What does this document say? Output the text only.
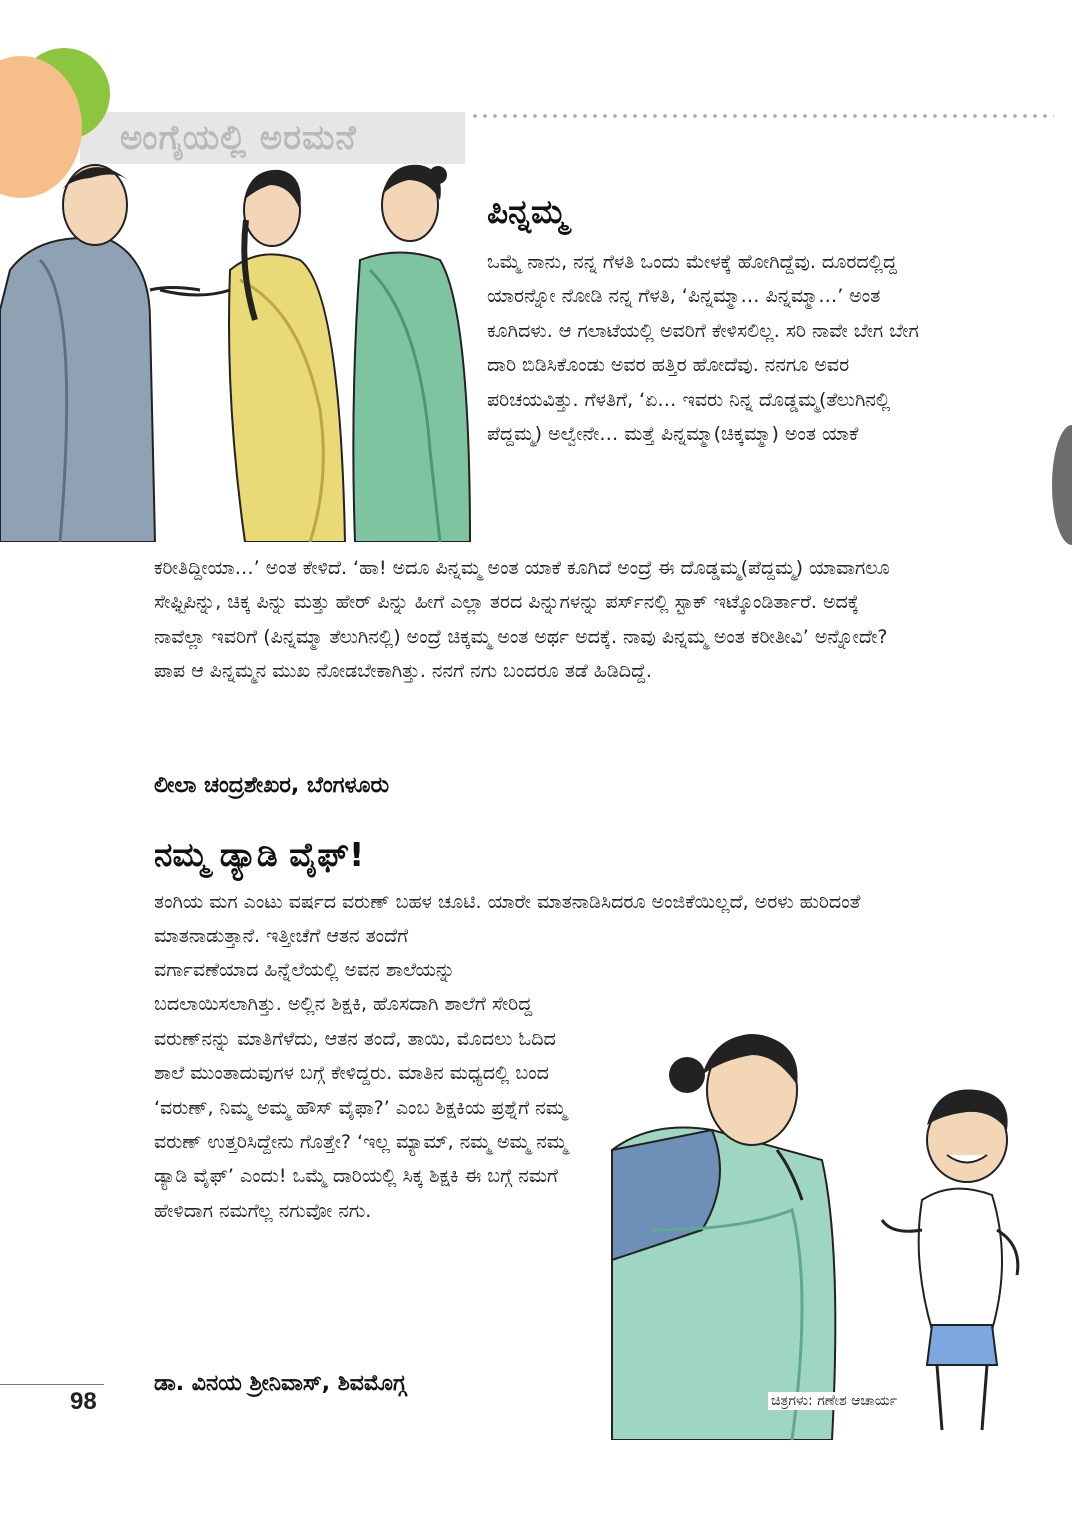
ಅಂಗೈಯಲ್ಲಿ ಅರಮನೆ
ಪಿನ್ನಮ್ಮ

ಒಮ್ಮೆ ನಾನು, ನನ್ನ ಗೆಳತಿ ಒಂದು ಮೇಳಕ್ಕೆ ಹೋಗಿದ್ದೆವು. ದೂರದಲ್ಲಿದ್ದ ಯಾರನ್ನೋ ನೋಡಿ ನನ್ನ ಗೆಳತಿ, ‘ಪಿನ್ನಮ್ಮಾ… ಪಿನ್ನಮ್ಮಾ…’ ಅಂತ ಕೂಗಿದಳು. ಆ ಗಲಾಟೆಯಲ್ಲಿ ಅವರಿಗೆ ಕೇಳಿಸಲಿಲ್ಲ. ಸರಿ ನಾವೇ ಬೇಗ ಬೇಗ ದಾರಿ ಬಿಡಿಸಿಕೊಂಡು ಅವರ ಹತ್ತಿರ ಹೋದೆವು. ನನಗೂ ಅವರ ಪರಿಚಯವಿತ್ತು. ಗೆಳತಿಗೆ, ‘ಏ… ಇವರು ನಿನ್ನ ದೊಡ್ಡಮ್ಮ(ತೆಲುಗಿನಲ್ಲಿ ಪೆದ್ದಮ್ಮ) ಅಲ್ವೇನೇ… ಮತ್ತೆ ಪಿನ್ನಮ್ಮಾ(ಚಿಕ್ಕಮ್ಮಾ) ಅಂತ ಯಾಕೆ

ಕರೀತಿದ್ದೀಯಾ…’ ಅಂತ ಕೇಳಿದೆ. ‘ಹಾ! ಅದೂ ಪಿನ್ನಮ್ಮ ಅಂತ ಯಾಕೆ ಕೂಗಿದೆ ಅಂದ್ರೆ ಈ ದೊಡ್ಡಮ್ಮ(ಪೆದ್ದಮ್ಮ) ಯಾವಾಗಲೂ ಸೇಫ್ಟಿಪಿನ್ನು, ಚಿಕ್ಕ ಪಿನ್ನು ಮತ್ತು ಹೇರ್ ಪಿನ್ನು ಹೀಗೆ ಎಲ್ಲಾ ತರದ ಪಿನ್ನುಗಳನ್ನು ಪರ್ಸ್‌ನಲ್ಲಿ ಸ್ಟಾಕ್ ಇಟ್ಕೊಂಡಿರ್ತಾರೆ. ಅದಕ್ಕೆ ನಾವೆಲ್ಲಾ ಇವರಿಗೆ (ಪಿನ್ನಮ್ಮಾ ತೆಲುಗಿನಲ್ಲಿ) ಅಂದ್ರೆ ಚಿಕ್ಕಮ್ಮ ಅಂತ ಅರ್ಥ ಅದಕ್ಕೆ. ನಾವು ಪಿನ್ನಮ್ಮ ಅಂತ ಕರೀತೀವಿ’ ಅನ್ನೋದೇ? ಪಾಪ ಆ ಪಿನ್ನಮ್ಮನ ಮುಖ ನೋಡಬೇಕಾಗಿತ್ತು. ನನಗೆ ನಗು ಬಂದರೂ ತಡೆ ಹಿಡಿದಿದ್ದೆ.

ಲೀಲಾ ಚಂದ್ರಶೇಖರ, ಬೆಂಗಳೂರು
ನಮ್ಮ ಡ್ಯಾಡಿ ವೈಫ್!

ತಂಗಿಯ ಮಗ ಎಂಟು ವರ್ಷದ ವರುಣ್ ಬಹಳ ಚೂಟಿ. ಯಾರೇ ಮಾತನಾಡಿಸಿದರೂ ಅಂಜಿಕೆಯಿಲ್ಲದೆ, ಅರಳು ಹುರಿದಂತೆ ಮಾತನಾಡುತ್ತಾನೆ. ಇತ್ತೀಚೆಗೆ ಆತನ ತಂದೆಗೆ

ವರ್ಗಾವಣೆಯಾದ ಹಿನ್ನೆಲೆಯಲ್ಲಿ ಅವನ ಶಾಲೆಯನ್ನು ಬದಲಾಯಿಸಲಾಗಿತ್ತು. ಅಲ್ಲಿನ ಶಿಕ್ಷಕಿ, ಹೊಸದಾಗಿ ಶಾಲೆಗೆ ಸೇರಿದ್ದ ವರುಣ್‌ನನ್ನು ಮಾತಿಗೆಳೆದು, ಆತನ ತಂದೆ, ತಾಯಿ, ಮೊದಲು ಓದಿದ ಶಾಲೆ ಮುಂತಾದುವುಗಳ ಬಗ್ಗೆ ಕೇಳಿದ್ದರು. ಮಾತಿನ ಮಧ್ಯದಲ್ಲಿ ಬಂದ ‘ವರುಣ್, ನಿಮ್ಮ ಅಮ್ಮ ಹೌಸ್ ವೈಫಾ?’ ಎಂಬ ಶಿಕ್ಷಕಿಯ ಪ್ರಶ್ನೆಗೆ ನಮ್ಮ ವರುಣ್ ಉತ್ತರಿಸಿದ್ದೇನು ಗೊತ್ತೇ? ‘ಇಲ್ಲ ಮ್ಯಾಮ್, ನಮ್ಮ ಅಮ್ಮ ನಮ್ಮ ಡ್ಯಾಡಿ ವೈಫ್’ ಎಂದು! ಒಮ್ಮೆ ದಾರಿಯಲ್ಲಿ ಸಿಕ್ಕ ಶಿಕ್ಷಕಿ ಈ ಬಗ್ಗೆ ನಮಗೆ ಹೇಳಿದಾಗ ನಮಗೆಲ್ಲ ನಗುವೋ ನಗು.

ಡಾ. ವಿನಯ ಶ್ರೀನಿವಾಸ್, ಶಿವಮೊಗ್ಗ
ಚಿತ್ರಗಳು: ಗಣೇಶ ಆಚಾರ್ಯ
98
